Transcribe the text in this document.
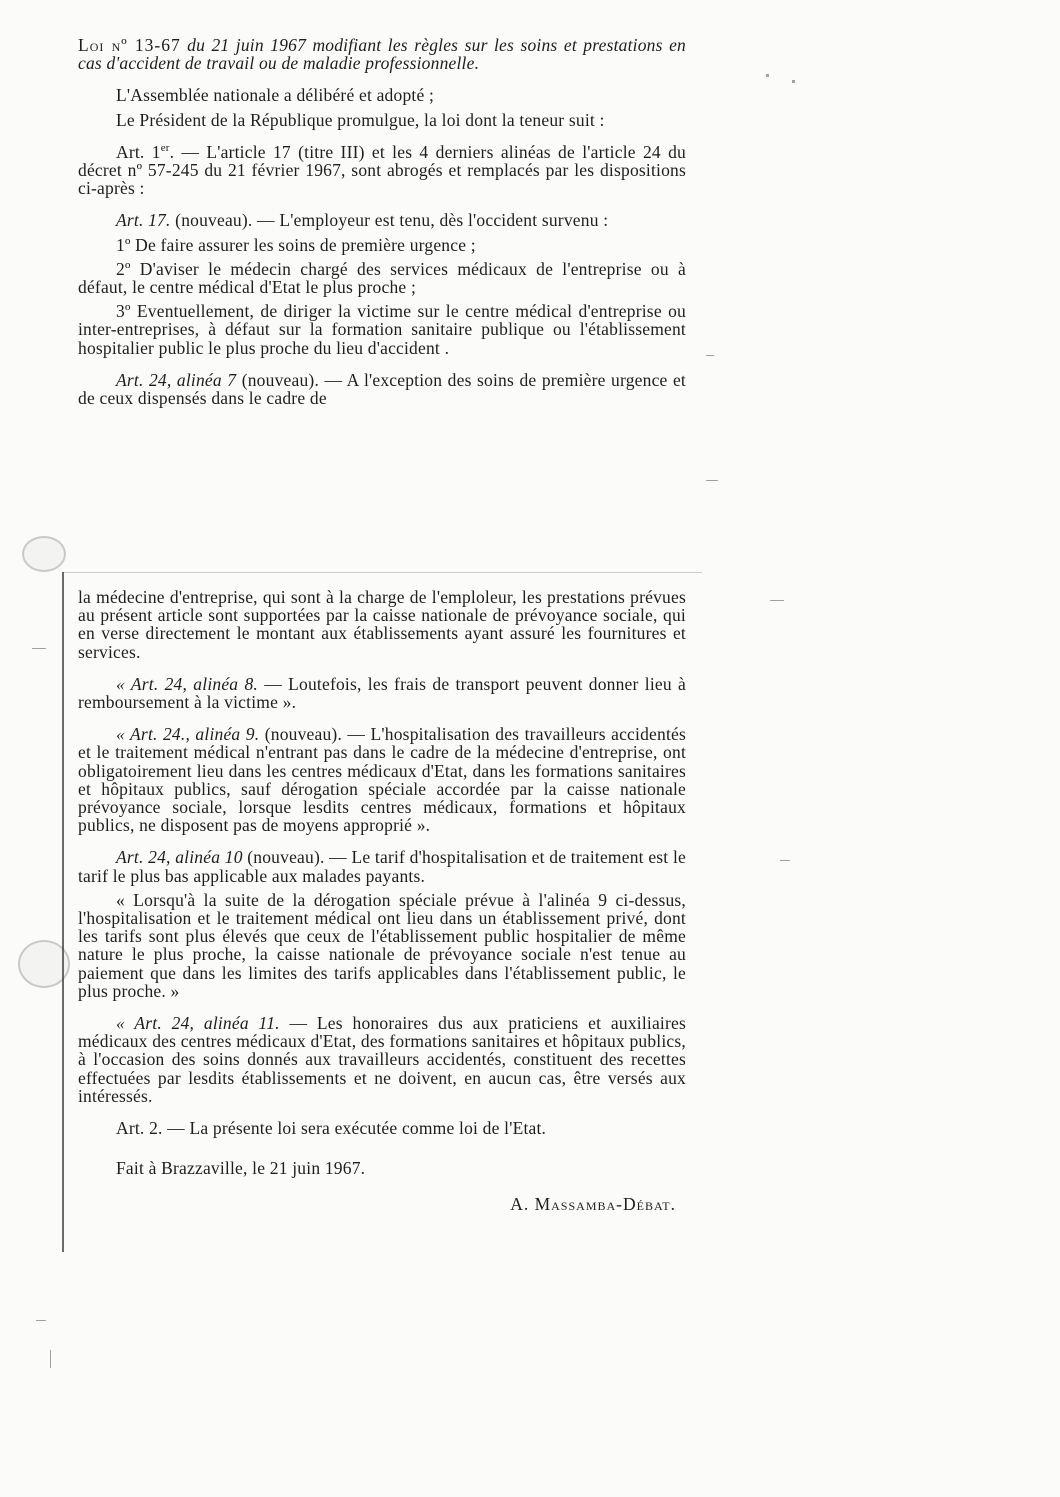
Loi nº 13-67 du 21 juin 1967 modifiant les règles sur les soins et prestations en cas d'accident de travail ou de maladie professionnelle.

L'Assemblée nationale a délibéré et adopté ;

Le Président de la République promulgue, la loi dont la teneur suit :

Art. 1er. — L'article 17 (titre III) et les 4 derniers alinéas de l'article 24 du décret nº 57-245 du 21 février 1967, sont abrogés et remplacés par les dispositions ci-après :

Art. 17. (nouveau). — L'employeur est tenu, dès l'occident survenu :

1º De faire assurer les soins de première urgence ;

2º D'aviser le médecin chargé des services médicaux de l'entreprise ou à défaut, le centre médical d'Etat le plus proche ;

3º Eventuellement, de diriger la victime sur le centre médical d'entreprise ou inter-entreprises, à défaut sur la formation sanitaire publique ou l'établissement hospitalier public le plus proche du lieu d'accident .

Art. 24, alinéa 7 (nouveau). — A l'exception des soins de première urgence et de ceux dispensés dans le cadre de

la médecine d'entreprise, qui sont à la charge de l'emploleur, les prestations prévues au présent article sont supportées par la caisse nationale de prévoyance sociale, qui en verse directement le montant aux établissements ayant assuré les fournitures et services.

« Art. 24, alinéa 8. — Loutefois, les frais de transport peuvent donner lieu à remboursement à la victime ».

« Art. 24., alinéa 9. (nouveau). — L'hospitalisation des travailleurs accidentés et le traitement médical n'entrant pas dans le cadre de la médecine d'entreprise, ont obligatoirement lieu dans les centres médicaux d'Etat, dans les formations sanitaires et hôpitaux publics, sauf dérogation spéciale accordée par la caisse nationale prévoyance sociale, lorsque lesdits centres médicaux, formations et hôpitaux publics, ne disposent pas de moyens approprié ».

Art. 24, alinéa 10 (nouveau). — Le tarif d'hospitalisation et de traitement est le tarif le plus bas applicable aux malades payants.

« Lorsqu'à la suite de la dérogation spéciale prévue à l'alinéa 9 ci-dessus, l'hospitalisation et le traitement médical ont lieu dans un établissement privé, dont les tarifs sont plus élevés que ceux de l'établissement public hospitalier de même nature le plus proche, la caisse nationale de prévoyance sociale n'est tenue au paiement que dans les limites des tarifs applicables dans l'établissement public, le plus proche. »

« Art. 24, alinéa 11. — Les honoraires dus aux praticiens et auxiliaires médicaux des centres médicaux d'Etat, des formations sanitaires et hôpitaux publics, à l'occasion des soins donnés aux travailleurs accidentés, constituent des recettes effectuées par lesdits établissements et ne doivent, en aucun cas, être versés aux intéressés.

Art. 2. — La présente loi sera exécutée comme loi de l'Etat.

Fait à Brazzaville, le 21 juin 1967.

A. Massamba-Débat.
